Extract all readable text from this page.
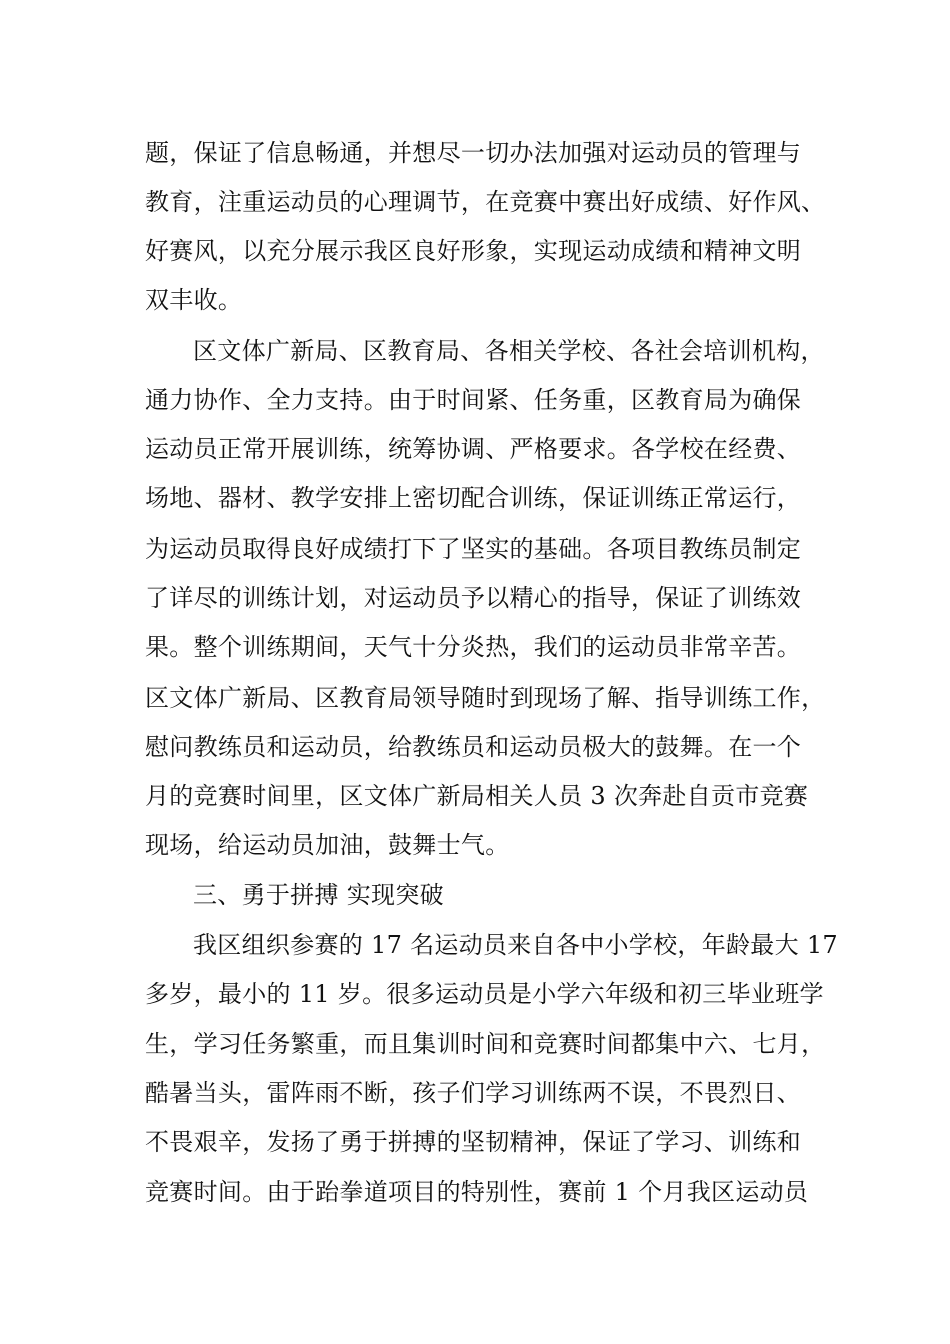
题，保证了信息畅通，并想尽一切办法加强对运动员的管理与
教育，注重运动员的心理调节，在竞赛中赛出好成绩、好作风、
好赛风，以充分展示我区良好形象，实现运动成绩和精神文明
双丰收。
区文体广新局、区教育局、各相关学校、各社会培训机构，
通力协作、全力支持。由于时间紧、任务重，区教育局为确保
运动员正常开展训练，统筹协调、严格要求。各学校在经费、
场地、器材、教学安排上密切配合训练，保证训练正常运行，
为运动员取得良好成绩打下了坚实的基础。各项目教练员制定
了详尽的训练计划，对运动员予以精心的指导，保证了训练效
果。整个训练期间，天气十分炎热，我们的运动员非常辛苦。
区文体广新局、区教育局领导随时到现场了解、指导训练工作，
慰问教练员和运动员，给教练员和运动员极大的鼓舞。在一个
月的竞赛时间里，区文体广新局相关人员 3 次奔赴自贡市竞赛
现场，给运动员加油，鼓舞士气。
三、勇于拼搏 实现突破
我区组织参赛的 17 名运动员来自各中小学校，年龄最大 17
多岁，最小的 11 岁。很多运动员是小学六年级和初三毕业班学
生，学习任务繁重，而且集训时间和竞赛时间都集中六、七月，
酷暑当头，雷阵雨不断，孩子们学习训练两不误，不畏烈日、
不畏艰辛，发扬了勇于拼搏的坚韧精神，保证了学习、训练和
竞赛时间。由于跆拳道项目的特别性，赛前 1 个月我区运动员
